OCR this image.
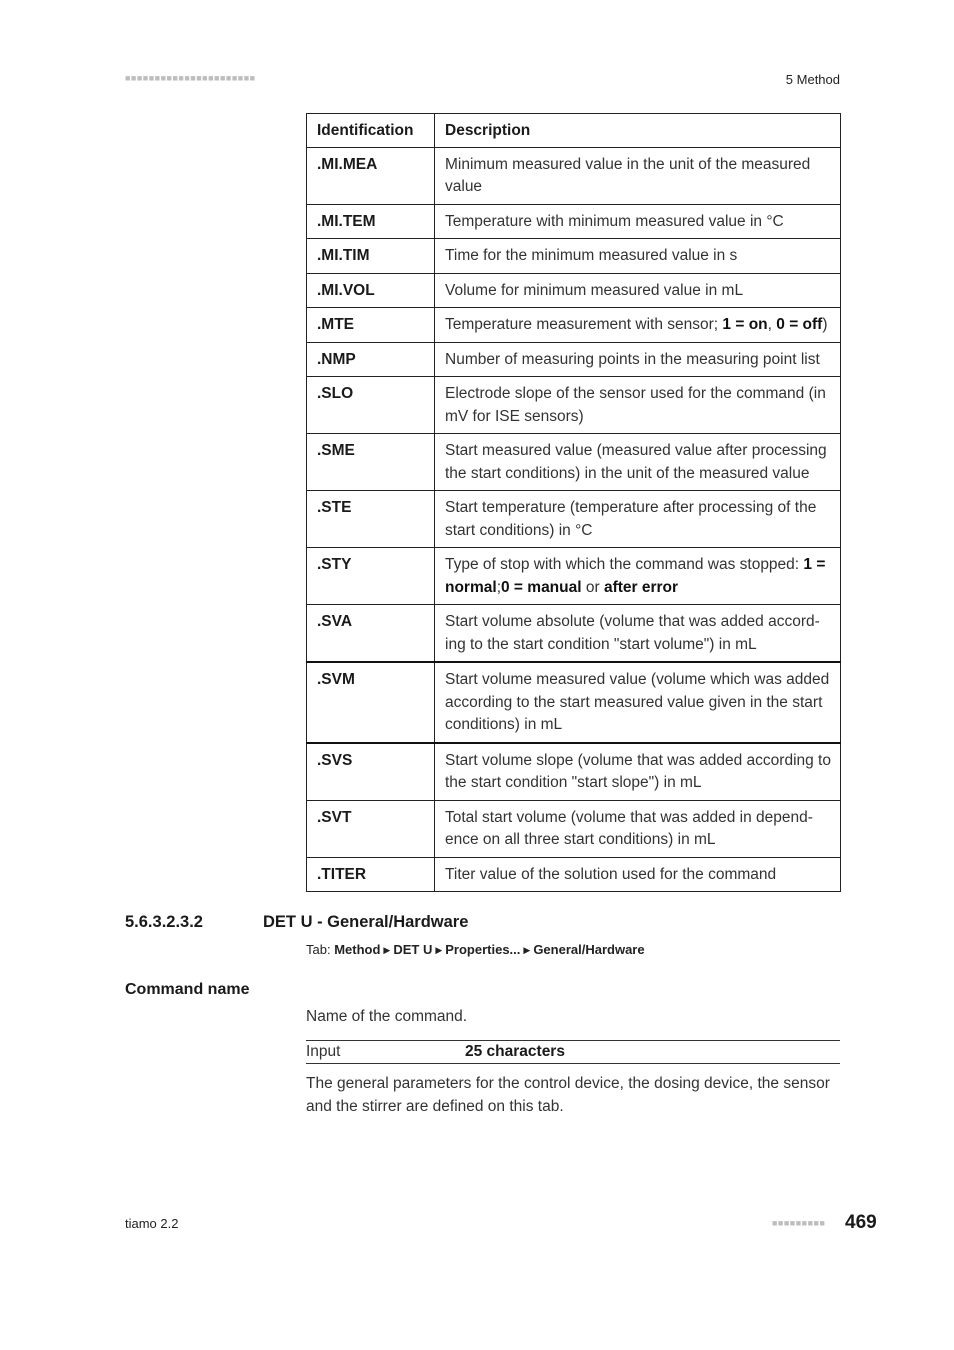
■■■■■■■■■■■■■■■■■■■■■■	5 Method
Identification	Description
.MI.MEA	Minimum measured value in the unit of the measured value
.MI.TEM	Temperature with minimum measured value in °C
.MI.TIM	Time for the minimum measured value in s
.MI.VOL	Volume for minimum measured value in mL
.MTE	Temperature measurement with sensor; 1 = on, 0 = off)
.NMP	Number of measuring points in the measuring point list
.SLO	Electrode slope of the sensor used for the command (in mV for ISE sensors)
.SME	Start measured value (measured value after processing the start conditions) in the unit of the measured value
.STE	Start temperature (temperature after processing of the start conditions) in °C
.STY	Type of stop with which the command was stopped: 1 = normal;0 = manual or after error
.SVA	Start volume absolute (volume that was added accord-ing to the start condition "start volume") in mL
.SVM	Start volume measured value (volume which was added according to the start measured value given in the start conditions) in mL
.SVS	Start volume slope (volume that was added according to the start condition "start slope") in mL
.SVT	Total start volume (volume that was added in depend-ence on all three start conditions) in mL
.TITER	Titer value of the solution used for the command
5.6.3.2.3.2	DET U - General/Hardware
Tab: Method ▶ DET U ▶ Properties... ▶ General/Hardware
Command name
Name of the command.
Input	25 characters
The general parameters for the control device, the dosing device, the sensor and the stirrer are defined on this tab.
tiamo 2.2	■■■■■■■■■ 469
